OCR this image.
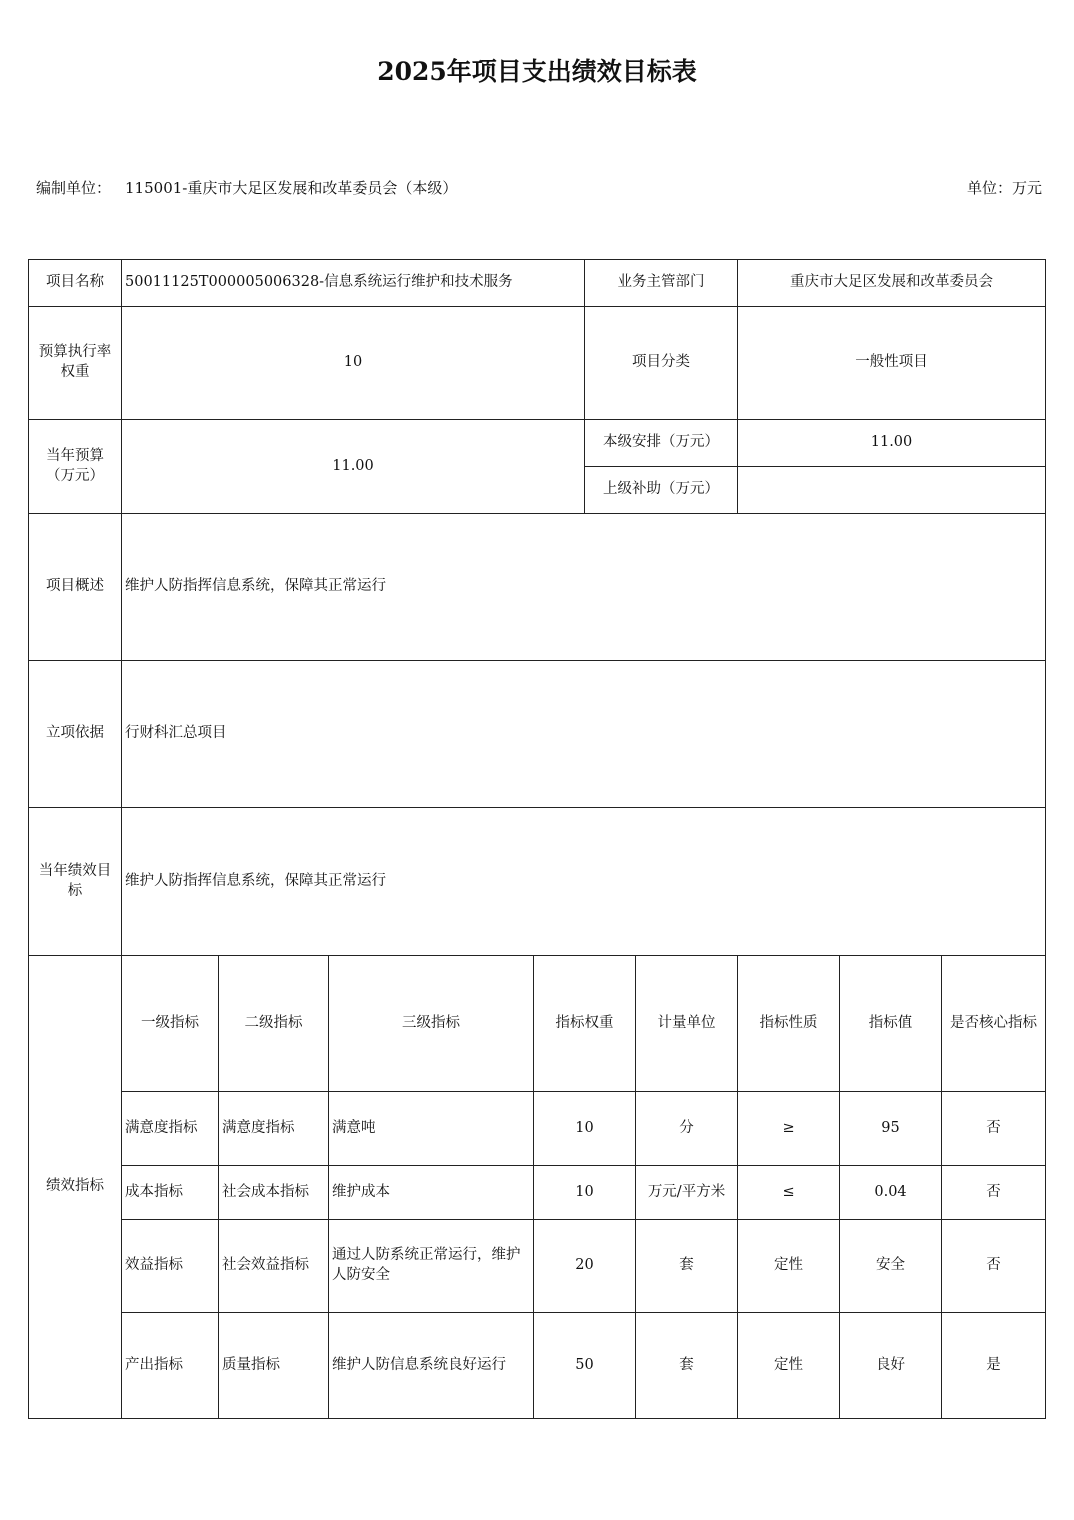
2025年项目支出绩效目标表
编制单位： 115001-重庆市大足区发展和改革委员会（本级）	单位：万元
项目名称	50011125T000005006328-信息系统运行维护和技术服务				业务主管部门		重庆市大足区发展和改革委员会		
预算执行率权重	10				项目分类		一般性项目		
当年预算（万元）	11.00				本级安排（万元）		11.00		
					上级补助（万元）				
项目概述	维护人防指挥信息系统，保障其正常运行								
立项依据	行财科汇总项目								
当年绩效目标	维护人防指挥信息系统，保障其正常运行								
绩效指标	一级指标	二级指标	三级指标	指标权重		计量单位	指标性质	指标值	是否核心指标
	满意度指标	满意度指标	满意吨	10		分	≥	95	否
	成本指标	社会成本指标	维护成本	10		万元/平方米	≤	0.04	否
	效益指标	社会效益指标	通过人防系统正常运行，维护人防安全	20		套	定性	安全	否
	产出指标	质量指标	维护人防信息系统良好运行	50		套	定性	良好	是
